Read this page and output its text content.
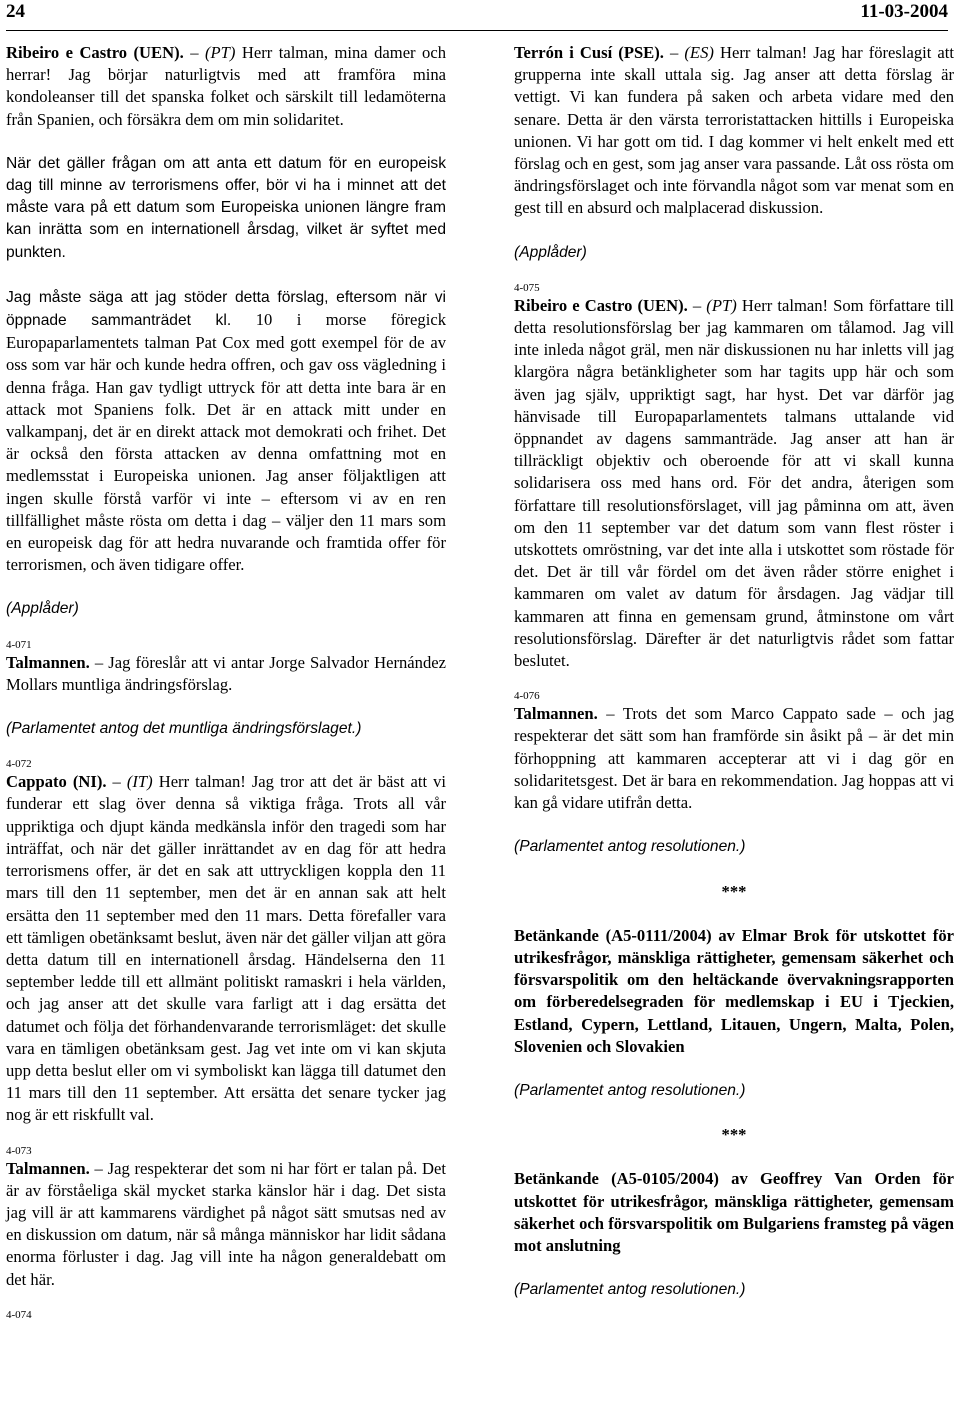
24	11-03-2004

Ribeiro e Castro (UEN). – (PT) Herr talman, mina damer och herrar! Jag börjar naturligtvis med att framföra mina kondoleanser till det spanska folket och särskilt till ledamöterna från Spanien, och försäkra dem om min solidaritet.

När det gäller frågan om att anta ett datum för en europeisk dag till minne av terrorismens offer, bör vi ha i minnet att det måste vara på ett datum som Europeiska unionen längre fram kan inrätta som en internationell årsdag, vilket är syftet med punkten.

Jag måste säga att jag stöder detta förslag, eftersom när vi öppnade sammanträdet kl. 10 i morse föregick Europaparlamentets talman Pat Cox med gott exempel för de av oss som var här och kunde hedra offren, och gav oss vägledning i denna fråga. Han gav tydligt uttryck för att detta inte bara är en attack mot Spaniens folk. Det är en attack mitt under en valkampanj, det är en direkt attack mot demokrati och frihet. Det är också den första attacken av denna omfattning mot en medlemsstat i Europeiska unionen. Jag anser följaktligen att ingen skulle förstå varför vi inte – eftersom vi av en ren tillfällighet måste rösta om detta i dag – väljer den 11 mars som en europeisk dag för att hedra nuvarande och framtida offer för terrorismen, och även tidigare offer.

(Applåder)

4-071

Talmannen. – Jag föreslår att vi antar Jorge Salvador Hernández Mollars muntliga ändringsförslag.

(Parlamentet antog det muntliga ändringsförslaget.)

4-072

Cappato (NI). – (IT) Herr talman! Jag tror att det är bäst att vi funderar ett slag över denna så viktiga fråga. Trots all vår uppriktiga och djupt kända medkänsla inför den tragedi som har inträffat, och när det gäller inrättandet av en dag för att hedra terrorismens offer, är det en sak att uttryckligen koppla den 11 mars till den 11 september, men det är en annan sak att helt ersätta den 11 september med den 11 mars. Detta förefaller vara ett tämligen obetänksamt beslut, även när det gäller viljan att göra detta datum till en internationell årsdag. Händelserna den 11 september ledde till ett allmänt politiskt ramaskri i hela världen, och jag anser att det skulle vara farligt att i dag ersätta det datumet och följa det förhandenvarande terrorismläget: det skulle vara en tämligen obetänksam gest. Jag vet inte om vi kan skjuta upp detta beslut eller om vi symboliskt kan lägga till datumet den 11 mars till den 11 september. Att ersätta det senare tycker jag nog är ett riskfullt val.

4-073

Talmannen. – Jag respekterar det som ni har fört er talan på. Det är av förståeliga skäl mycket starka känslor här i dag. Det sista jag vill är att kammarens värdighet på något sätt smutsas ned av en diskussion om datum, när så många människor har lidit sådana enorma förluster i dag. Jag vill inte ha någon generaldebatt om det här.

4-074

Terrón i Cusí (PSE). – (ES) Herr talman! Jag har föreslagit att grupperna inte skall uttala sig. Jag anser att detta förslag är vettigt. Vi kan fundera på saken och arbeta vidare med den senare. Detta är den värsta terroristattacken hittills i Europeiska unionen. Vi har gott om tid. I dag kommer vi helt enkelt med ett förslag och en gest, som jag anser vara passande. Låt oss rösta om ändringsförslaget och inte förvandla något som var menat som en gest till en absurd och malplacerad diskussion.

(Applåder)

4-075

Ribeiro e Castro (UEN). – (PT) Herr talman! Som författare till detta resolutionsförslag ber jag kammaren om tålamod. Jag vill inte inleda något gräl, men när diskussionen nu har inletts vill jag klargöra några betänkligheter som har tagits upp här och som även jag själv, uppriktigt sagt, har hyst. Det var därför jag hänvisade till Europaparlamentets talmans uttalande vid öppnandet av dagens sammanträde. Jag anser att han är tillräckligt objektiv och oberoende för att vi skall kunna solidarisera oss med hans ord. För det andra, återigen som författare till resolutionsförslaget, vill jag påminna om att, även om den 11 september var det datum som vann flest röster i utskottets omröstning, var det inte alla i utskottet som röstade för det. Det är till vår fördel om det även råder större enighet i kammaren om valet av datum för årsdagen. Jag vädjar till kammaren att finna en gemensam grund, åtminstone om vårt resolutionsförslag. Därefter är det naturligtvis rådet som fattar beslutet.

4-076

Talmannen. – Trots det som Marco Cappato sade – och jag respekterar det sätt som han framförde sin åsikt på – är det min förhoppning att kammaren accepterar att vi i dag gör en solidaritetsgest. Det är bara en rekommendation. Jag hoppas att vi kan gå vidare utifrån detta.

(Parlamentet antog resolutionen.)

***

Betänkande (A5-0111/2004) av Elmar Brok för utskottet för utrikesfrågor, mänskliga rättigheter, gemensam säkerhet och försvarspolitik om den heltäckande övervakningsrapporten om förberedelsegraden för medlemskap i EU i Tjeckien, Estland, Cypern, Lettland, Litauen, Ungern, Malta, Polen, Slovenien och Slovakien

(Parlamentet antog resolutionen.)

***

Betänkande (A5-0105/2004) av Geoffrey Van Orden för utskottet för utrikesfrågor, mänskliga rättigheter, gemensam säkerhet och försvarspolitik om Bulgariens framsteg på vägen mot anslutning

(Parlamentet antog resolutionen.)
